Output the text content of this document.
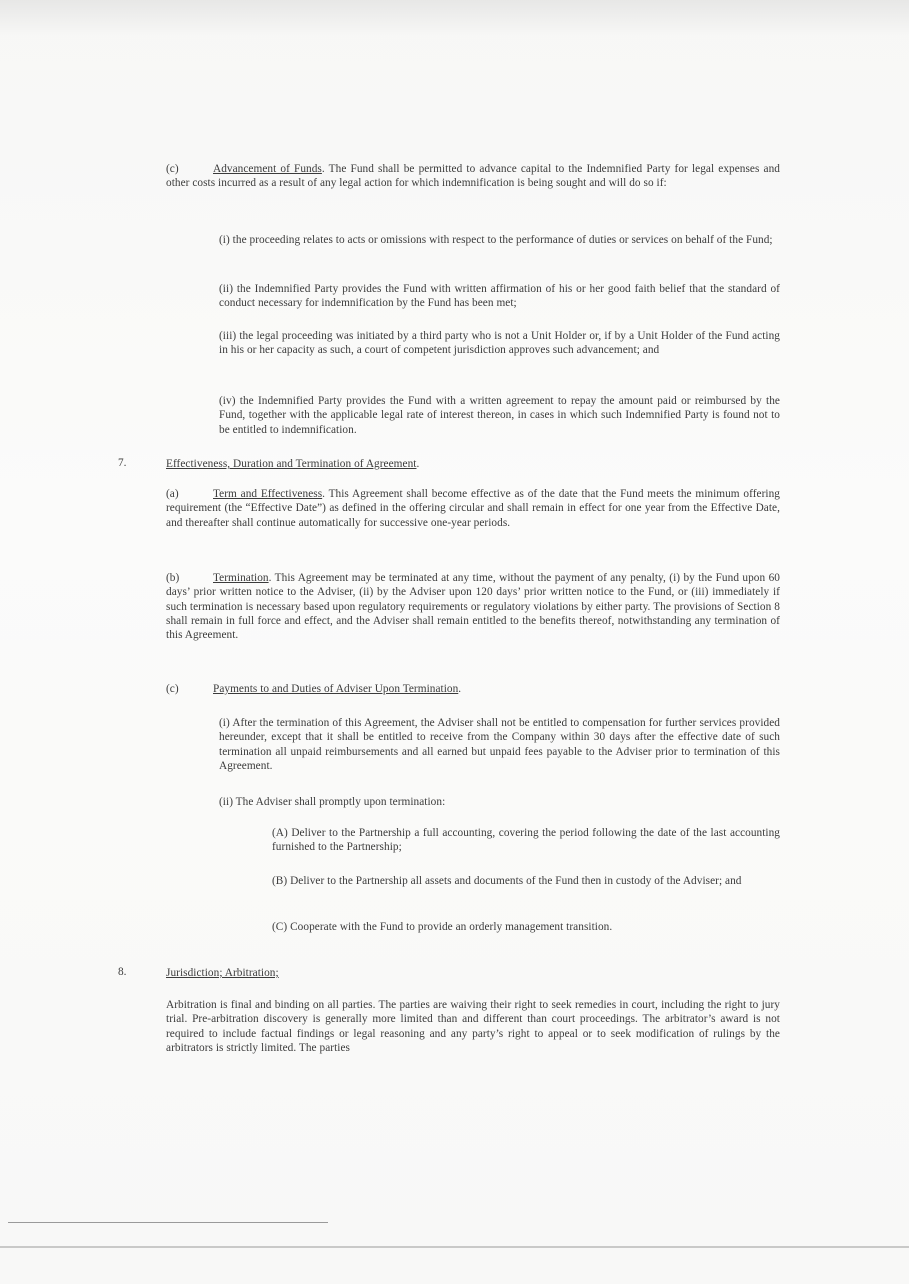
(c)	Advancement of Funds. The Fund shall be permitted to advance capital to the Indemnified Party for legal expenses and other costs incurred as a result of any legal action for which indemnification is being sought and will do so if:

(i) the proceeding relates to acts or omissions with respect to the performance of duties or services on behalf of the Fund;

(ii) the Indemnified Party provides the Fund with written affirmation of his or her good faith belief that the standard of conduct necessary for indemnification by the Fund has been met;

(iii) the legal proceeding was initiated by a third party who is not a Unit Holder or, if by a Unit Holder of the Fund acting in his or her capacity as such, a court of competent jurisdiction approves such advancement; and

(iv) the Indemnified Party provides the Fund with a written agreement to repay the amount paid or reimbursed by the Fund, together with the applicable legal rate of interest thereon, in cases in which such Indemnified Party is found not to be entitled to indemnification.

7.	Effectiveness, Duration and Termination of Agreement.

(a)	Term and Effectiveness. This Agreement shall become effective as of the date that the Fund meets the minimum offering requirement (the “Effective Date”) as defined in the offering circular and shall remain in effect for one year from the Effective Date, and thereafter shall continue automatically for successive one-year periods.

(b)	Termination. This Agreement may be terminated at any time, without the payment of any penalty, (i) by the Fund upon 60 days’ prior written notice to the Adviser, (ii) by the Adviser upon 120 days’ prior written notice to the Fund, or (iii) immediately if such termination is necessary based upon regulatory requirements or regulatory violations by either party. The provisions of Section 8 shall remain in full force and effect, and the Adviser shall remain entitled to the benefits thereof, notwithstanding any termination of this Agreement.

(c)	Payments to and Duties of Adviser Upon Termination.

(i) After the termination of this Agreement, the Adviser shall not be entitled to compensation for further services provided hereunder, except that it shall be entitled to receive from the Company within 30 days after the effective date of such termination all unpaid reimbursements and all earned but unpaid fees payable to the Adviser prior to termination of this Agreement.

(ii) The Adviser shall promptly upon termination:

(A) Deliver to the Partnership a full accounting, covering the period following the date of the last accounting furnished to the Partnership;

(B) Deliver to the Partnership all assets and documents of the Fund then in custody of the Adviser; and

(C) Cooperate with the Fund to provide an orderly management transition.

8.	Jurisdiction; Arbitration;

Arbitration is final and binding on all parties. The parties are waiving their right to seek remedies in court, including the right to jury trial. Pre-arbitration discovery is generally more limited than and different than court proceedings. The arbitrator’s award is not required to include factual findings or legal reasoning and any party’s right to appeal or to seek modification of rulings by the arbitrators is strictly limited. The parties
